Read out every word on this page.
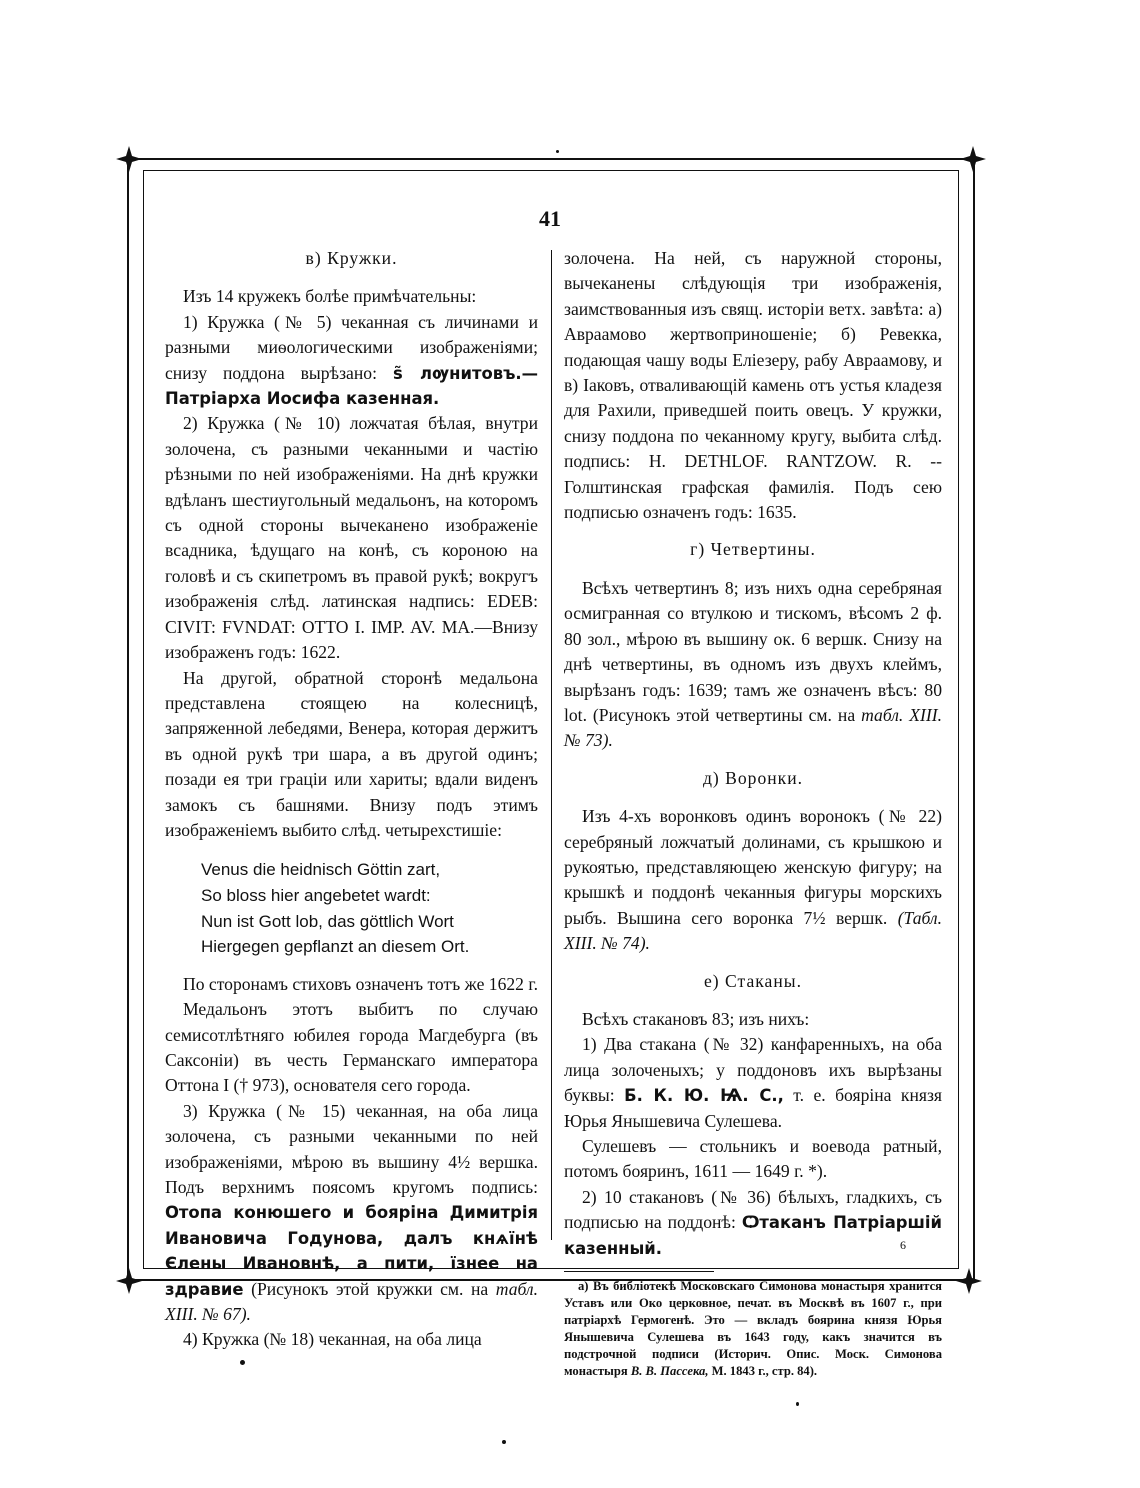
41

в) Кружки.

Изъ 14 кружекъ болѣе примѣчательны:

1) Кружка (№ 5) чеканная съ личинами и разными миѳологическими изображеніями; снизу поддона вырѣзано: ѕ̃ лѹнитовъ.—Патріарха Иосифа казенная.

2) Кружка (№ 10) ложчатая бѣлая, внутри золочена, съ разными чеканными и частію рѣзными по ней изображеніями. На днѣ кружки вдѣланъ шестиугольный медальонъ, на которомъ съ одной стороны вычеканено изображеніе всадника, ѣдущаго на конѣ, съ короною на головѣ и съ скипетромъ въ правой рукѣ; вокругъ изображенія слѣд. латинская надпись: EDEB: CIVIT: FVNDAT: OTTO I. IMP. AV. MA.—Внизу изображенъ годъ: 1622.

На другой, обратной сторонѣ медальона представлена стоящею на колесницѣ, запряженной лебедями, Венера, которая держитъ въ одной рукѣ три шара, а въ другой одинъ; позади ея три граціи или хариты; вдали виденъ замокъ съ башнями. Внизу подъ этимъ изображеніемъ выбито слѣд. четырехстишіе:

Venus die heidnisch Göttin zart,
So bloss hier angebetet wardt:
Nun ist Gott lob, das göttlich Wort
Hiergegen gepflanzt an diesem Ort.

По сторонамъ стиховъ означенъ тотъ же 1622 г.

Медальонъ этотъ выбитъ по случаю семисотлѣтняго юбилея города Магдебурга (въ Саксоніи) въ честь Германскаго императора Оттона I († 973), основателя сего города.

3) Кружка (№ 15) чеканная, на оба лица золочена, съ разными чеканными по ней изображеніями, мѣрою въ вышину 4½ вершка. Подъ верхнимъ поясомъ кругомъ подпись: Отопа конюшего и бояріна Димитрія Ивановича Годунова, далъ кнѧїнѣ Єлены Ивановнѣ, а пити, їзнее на здравие (Рисунокъ этой кружки см. на табл. XIII. № 67).

4) Кружка (№ 18) чеканная, на оба лица

золочена. На ней, съ наружной стороны, вычеканены слѣдующія три изображенія, заимствованныя изъ свящ. исторіи ветх. завѣта: а) Авраамово жертвоприношеніе; б) Ревекка, подающая чашу воды Еліезеру, рабу Авраамову, и в) Іаковъ, отваливающій камень отъ устья кладезя для Рахили, приведшей поить овецъ. У кружки, снизу поддона по чеканному кругу, выбита слѣд. подпись: H. DETHLOF. RANTZOW. R. -- Голштинская графская фамилія. Подъ сею подписью означенъ годъ: 1635.

г) Четвертины.

Всѣхъ четвертинъ 8; изъ нихъ одна серебряная осмигранная со втулкою и тискомъ, вѣсомъ 2 ф. 80 зол., мѣрою въ вышину ок. 6 вершк. Снизу на днѣ четвертины, въ одномъ изъ двухъ клеймъ, вырѣзанъ годъ: 1639; тамъ же означенъ вѣсъ: 80 lot. (Рисунокъ этой четвертины см. на табл. XIII. № 73).

д) Воронки.

Изъ 4-хъ воронковъ одинъ воронокъ (№ 22) серебряный ложчатый долинами, съ крышкою и рукоятью, представляющею женскую фигуру; на крышкѣ и поддонѣ чеканныя фигуры морскихъ рыбъ. Вышина сего воронка 7½ вершк. (Табл. XIII. № 74).

е) Стаканы.

Всѣхъ стакановъ 83; изъ нихъ:

1) Два стакана (№ 32) канфаренныхъ, на оба лица золоченыхъ; у поддоновъ ихъ вырѣзаны буквы: Б. К. Ю. Ѩ. С., т. е. бояріна князя Юрья Янышевича Сулешева.

Сулешевъ — стольникъ и воевода ратный, потомъ бояринъ, 1611 — 1649 г. *).

2) 10 стакановъ (№ 36) бѣлыхъ, гладкихъ, съ подписью на поддонѣ: Ѻтаканъ Патріаршій казенный.

а) Въ библіотекѣ Московскаго Симонова монастыря хранится Уставъ или Око церковное, печат. въ Москвѣ въ 1607 г., при патріархѣ Гермогенѣ. Это — вкладъ боярина князя Юрья Янышевича Сулешева въ 1643 году, какъ значится въ подстрочной подписи (Историч. Опис. Моск. Симонова монастыря В. В. Пассека, М. 1843 г., стр. 84).

6
